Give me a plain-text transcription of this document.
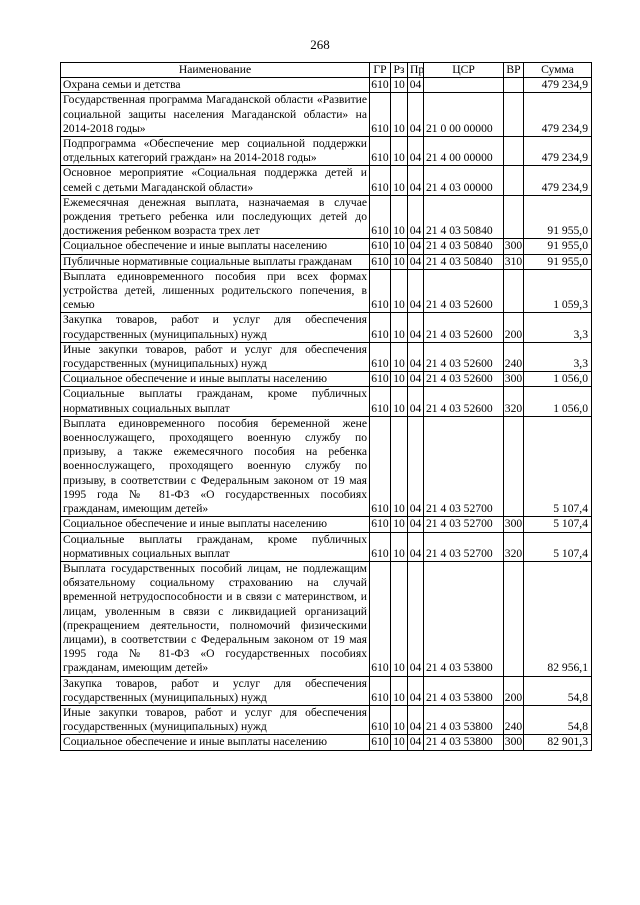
268
Наименование	ГР	Рз	Пр	ЦСР	ВР	Сумма
Охрана семьи и детства	610	10	04			479 234,9
Государственная программа Магаданской области «Развитие социальной защиты населения Магаданской области» на 2014-2018 годы»	610	10	04	21 0 00 00000		479 234,9
Подпрограмма «Обеспечение мер социальной поддержки отдельных категорий граждан» на 2014-2018 годы»	610	10	04	21 4 00 00000		479 234,9
Основное мероприятие «Социальная поддержка детей и семей с детьми Магаданской области»	610	10	04	21 4 03 00000		479 234,9
Ежемесячная денежная выплата, назначаемая в случае рождения третьего ребенка или последующих детей до достижения ребенком возраста трех лет	610	10	04	21 4 03 50840		91 955,0
Социальное обеспечение и иные выплаты населению	610	10	04	21 4 03 50840	300	91 955,0
Публичные нормативные социальные выплаты гражданам	610	10	04	21 4 03 50840	310	91 955,0
Выплата единовременного пособия при всех формах устройства детей, лишенных родительского попечения, в семью	610	10	04	21 4 03 52600		1 059,3
Закупка товаров, работ и услуг для обеспечения государственных (муниципальных) нужд	610	10	04	21 4 03 52600	200	3,3
Иные закупки товаров, работ и услуг для обеспечения государственных (муниципальных) нужд	610	10	04	21 4 03 52600	240	3,3
Социальное обеспечение и иные выплаты населению	610	10	04	21 4 03 52600	300	1 056,0
Социальные выплаты гражданам, кроме публичных нормативных социальных выплат	610	10	04	21 4 03 52600	320	1 056,0
Выплата единовременного пособия беременной жене военнослужащего, проходящего военную службу по призыву, а также ежемесячного пособия на ребенка военнослужащего, проходящего военную службу по призыву, в соответствии с Федеральным законом от 19 мая 1995 года № 81-ФЗ «О государственных пособиях гражданам, имеющим детей»	610	10	04	21 4 03 52700		5 107,4
Социальное обеспечение и иные выплаты населению	610	10	04	21 4 03 52700	300	5 107,4
Социальные выплаты гражданам, кроме публичных нормативных социальных выплат	610	10	04	21 4 03 52700	320	5 107,4
Выплата государственных пособий лицам, не подлежащим обязательному социальному страхованию на случай временной нетрудоспособности и в связи с материнством, и лицам, уволенным в связи с ликвидацией организаций (прекращением деятельности, полномочий физическими лицами), в соответствии с Федеральным законом от 19 мая 1995 года № 81-ФЗ «О государственных пособиях гражданам, имеющим детей»	610	10	04	21 4 03 53800		82 956,1
Закупка товаров, работ и услуг для обеспечения государственных (муниципальных) нужд	610	10	04	21 4 03 53800	200	54,8
Иные закупки товаров, работ и услуг для обеспечения государственных (муниципальных) нужд	610	10	04	21 4 03 53800	240	54,8
Социальное обеспечение и иные выплаты населению	610	10	04	21 4 03 53800	300	82 901,3
